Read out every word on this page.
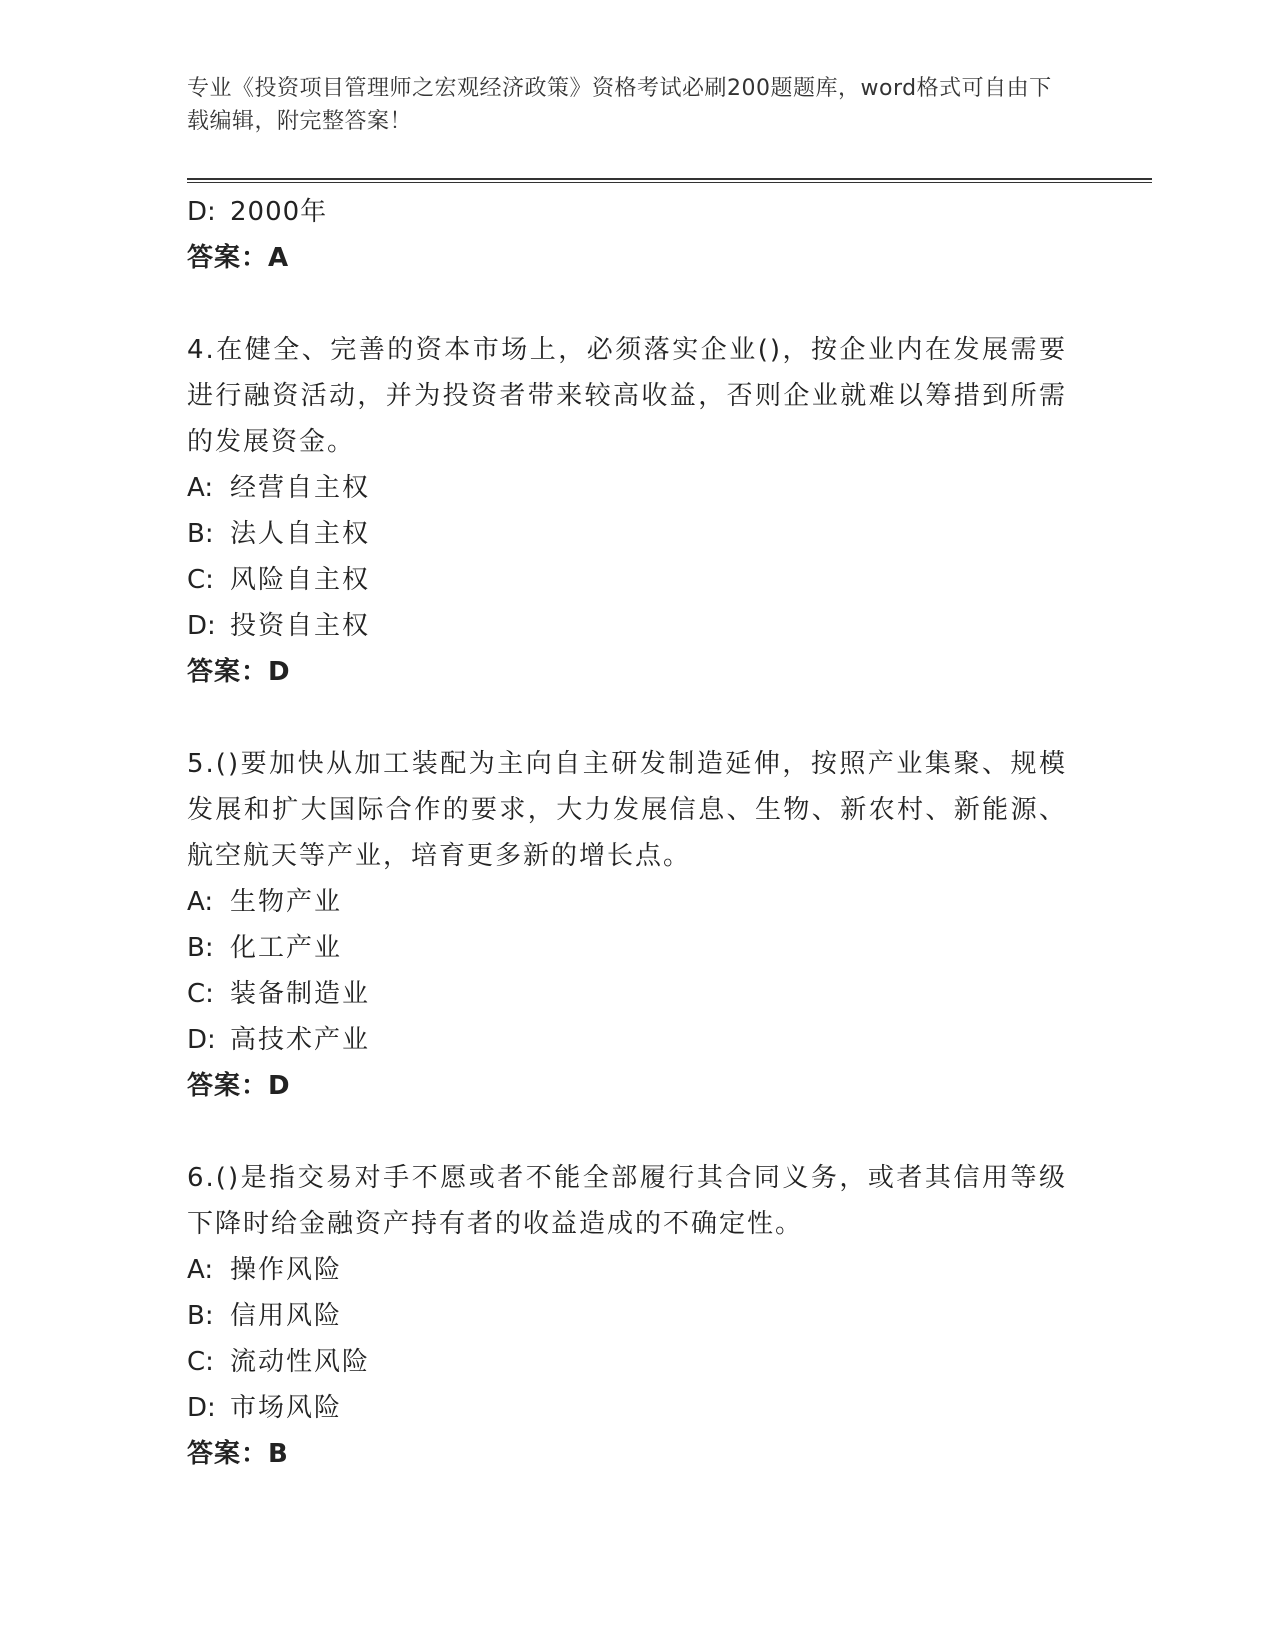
专业《投资项目管理师之宏观经济政策》资格考试必刷200题题库，word格式可自由下载编辑，附完整答案！
D: 2000年
答案：A
4.在健全、完善的资本市场上，必须落实企业()，按企业内在发展需要进行融资活动，并为投资者带来较高收益，否则企业就难以筹措到所需的发展资金。
A: 经营自主权
B: 法人自主权
C: 风险自主权
D: 投资自主权
答案：D
5.()要加快从加工装配为主向自主研发制造延伸，按照产业集聚、规模发展和扩大国际合作的要求，大力发展信息、生物、新农村、新能源、航空航天等产业，培育更多新的增长点。
A: 生物产业
B: 化工产业
C: 装备制造业
D: 高技术产业
答案：D
6.()是指交易对手不愿或者不能全部履行其合同义务，或者其信用等级下降时给金融资产持有者的收益造成的不确定性。
A: 操作风险
B: 信用风险
C: 流动性风险
D: 市场风险
答案：B
